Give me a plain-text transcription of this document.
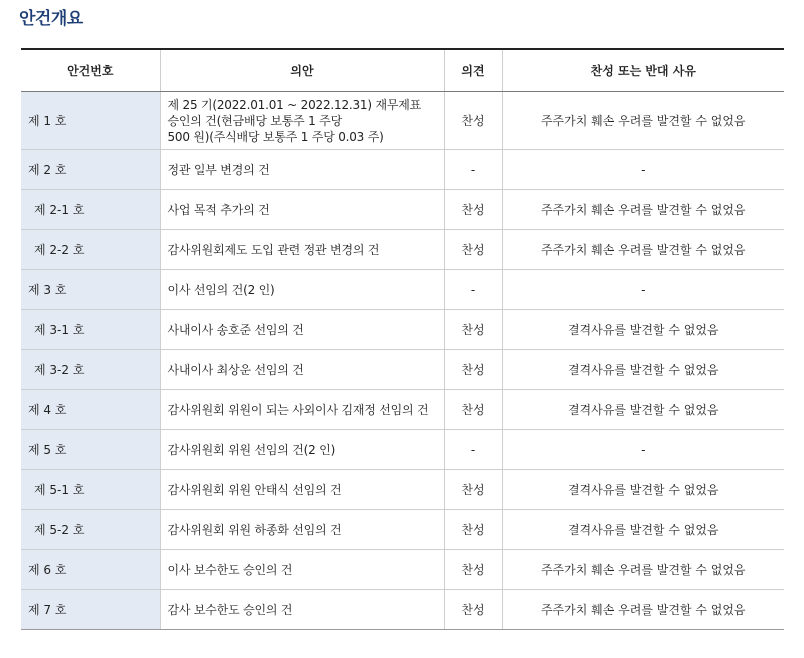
안건개요
안건번호	의안	의견	찬성 또는 반대 사유
제 1 호	제 25 기(2022.01.01 ~ 2022.12.31) 재무제표
승인의 건(현금배당 보통주 1 주당
500 원)(주식배당 보통주 1 주당 0.03 주)	찬성	주주가치 훼손 우려를 발견할 수 없었음
제 2 호	정관 일부 변경의 건	-	-
제 2-1 호	사업 목적 추가의 건	찬성	주주가치 훼손 우려를 발견할 수 없었음
제 2-2 호	감사위원회제도 도입 관련 정관 변경의 건	찬성	주주가치 훼손 우려를 발견할 수 없었음
제 3 호	이사 선임의 건(2 인)	-	-
제 3-1 호	사내이사 송호준 선임의 건	찬성	결격사유를 발견할 수 없었음
제 3-2 호	사내이사 최상운 선임의 건	찬성	결격사유를 발견할 수 없었음
제 4 호	감사위원회 위원이 되는 사외이사 김재정 선임의 건	찬성	결격사유를 발견할 수 없었음
제 5 호	감사위원회 위원 선임의 건(2 인)	-	-
제 5-1 호	감사위원회 위원 안태식 선임의 건	찬성	결격사유를 발견할 수 없었음
제 5-2 호	감사위원회 위원 하종화 선임의 건	찬성	결격사유를 발견할 수 없었음
제 6 호	이사 보수한도 승인의 건	찬성	주주가치 훼손 우려를 발견할 수 없었음
제 7 호	감사 보수한도 승인의 건	찬성	주주가치 훼손 우려를 발견할 수 없었음
